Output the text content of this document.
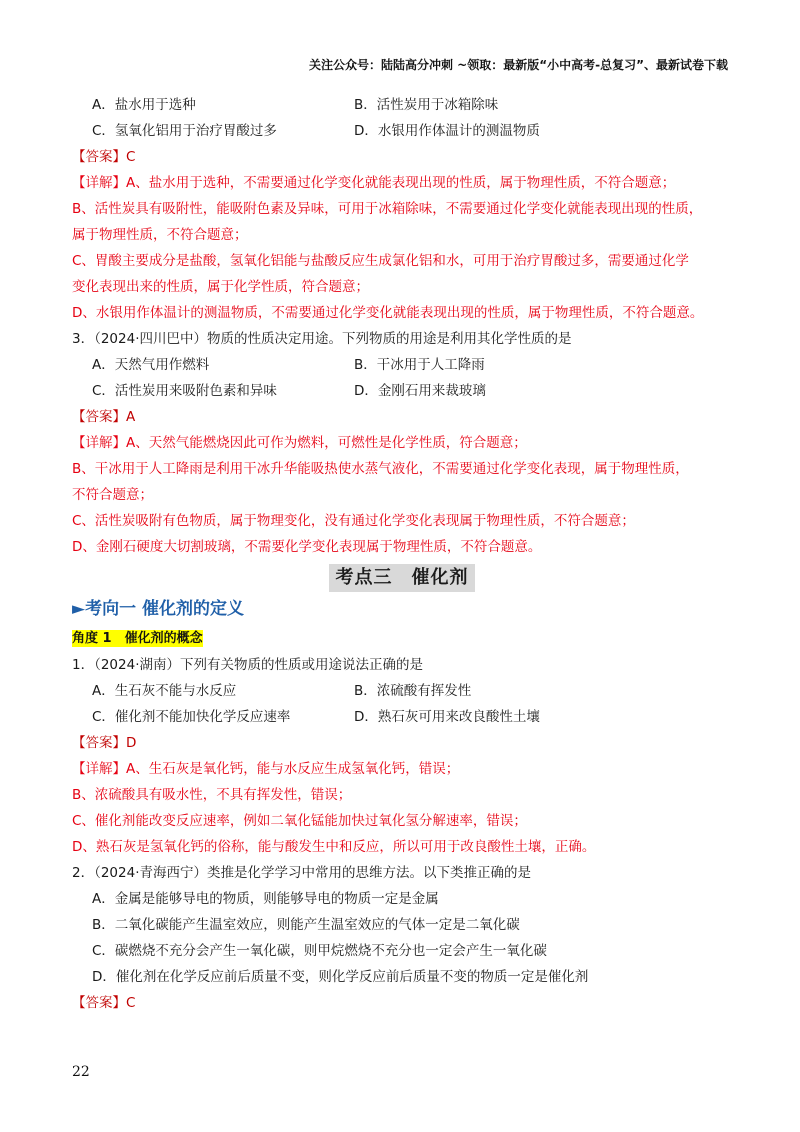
关注公众号：陆陆高分冲刺 ~领取：最新版“小中高考-总复习”、最新试卷下载
A．盐水用于选种	B．活性炭用于冰箱除味
C．氢氧化铝用于治疗胃酸过多	D．水银用作体温计的测温物质
【答案】C
【详解】A、盐水用于选种，不需要通过化学变化就能表现出现的性质，属于物理性质，不符合题意；
B、活性炭具有吸附性，能吸附色素及异味，可用于冰箱除味，不需要通过化学变化就能表现出现的性质，
属于物理性质，不符合题意；
C、胃酸主要成分是盐酸，氢氧化铝能与盐酸反应生成氯化铝和水，可用于治疗胃酸过多，需要通过化学
变化表现出来的性质，属于化学性质，符合题意；
D、水银用作体温计的测温物质，不需要通过化学变化就能表现出现的性质，属于物理性质，不符合题意。
3．（2024·四川巴中）物质的性质决定用途。下列物质的用途是利用其化学性质的是
A．天然气用作燃料	B．干冰用于人工降雨
C．活性炭用来吸附色素和异味	D．金刚石用来裁玻璃
【答案】A
【详解】A、天然气能燃烧因此可作为燃料，可燃性是化学性质，符合题意；
B、干冰用于人工降雨是利用干冰升华能吸热使水蒸气液化，不需要通过化学变化表现，属于物理性质，
不符合题意；
C、活性炭吸附有色物质，属于物理变化，没有通过化学变化表现属于物理性质，不符合题意；
D、金刚石硬度大切割玻璃，不需要化学变化表现属于物理性质，不符合题意。
考点三　催化剂
►考向一 催化剂的定义
角度 1　催化剂的概念
1．（2024·湖南）下列有关物质的性质或用途说法正确的是
A．生石灰不能与水反应	B．浓硫酸有挥发性
C．催化剂不能加快化学反应速率	D．熟石灰可用来改良酸性土壤
【答案】D
【详解】A、生石灰是氧化钙，能与水反应生成氢氧化钙，错误；
B、浓硫酸具有吸水性，不具有挥发性，错误；
C、催化剂能改变反应速率，例如二氧化锰能加快过氧化氢分解速率，错误；
D、熟石灰是氢氧化钙的俗称，能与酸发生中和反应，所以可用于改良酸性土壤，正确。
2．（2024·青海西宁）类推是化学学习中常用的思维方法。以下类推正确的是
A．金属是能够导电的物质，则能够导电的物质一定是金属
B．二氧化碳能产生温室效应，则能产生温室效应的气体一定是二氧化碳
C．碳燃烧不充分会产生一氧化碳，则甲烷燃烧不充分也一定会产生一氧化碳
D．催化剂在化学反应前后质量不变，则化学反应前后质量不变的物质一定是催化剂
【答案】C
22
